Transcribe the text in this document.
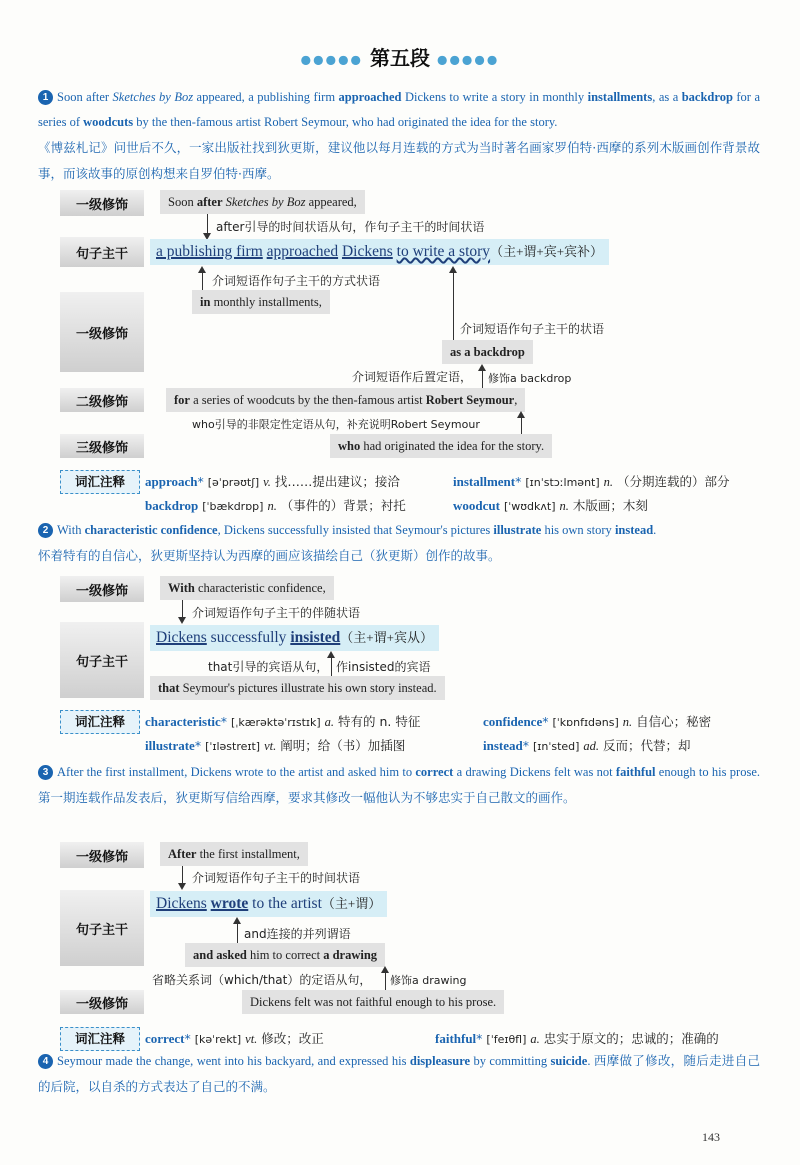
●●●●● 第五段 ●●●●●
1 Soon after Sketches by Boz appeared, a publishing firm approached Dickens to write a story in monthly installments, as a backdrop for a series of woodcuts by the then-famous artist Robert Seymour, who had originated the idea for the story.
《博兹札记》问世后不久，一家出版社找到狄更斯，建议他以每月连载的方式为当时著名画家罗伯特·西摩的系列木版画创作背景故事，而该故事的原创构想来自罗伯特·西摩。
一级修饰	Soon after Sketches by Boz appeared,
after引导的时间状语从句，作句子主干的时间状语
句子主干	a publishing firm approached Dickens to write a story（主+谓+宾+宾补）
介词短语作句子主干的方式状语
一级修饰
in monthly installments,
介词短语作句子主干的状语
as a backdrop
介词短语作后置定语， 修饰a backdrop
二级修饰	for a series of woodcuts by the then-famous artist Robert Seymour,
who引导的非限定性定语从句，补充说明Robert Seymour
三级修饰	who had originated the idea for the story.
词汇注释	approach* [əˈprəʊtʃ] v. 找……提出建议；接洽	installment* [ɪnˈstɔːlmənt] n. （分期连载的）部分
backdrop [ˈbækdrɒp] n. （事件的）背景；衬托	woodcut [ˈwʊdkʌt] n. 木版画；木刻
2 With characteristic confidence, Dickens successfully insisted that Seymour's pictures illustrate his own story instead.
怀着特有的自信心，狄更斯坚持认为西摩的画应该描绘自己（狄更斯）创作的故事。
一级修饰	With characteristic confidence,
介词短语作句子主干的伴随状语
句子主干
Dickens successfully insisted（主+谓+宾从）
that引导的宾语从句， 作insisted的宾语
that Seymour's pictures illustrate his own story instead.
词汇注释	characteristic* [ˌkærəktəˈrɪstɪk] a. 特有的 n. 特征	confidence* [ˈkɒnfɪdəns] n. 自信心；秘密
illustrate* [ˈɪləstreɪt] vt. 阐明；给（书）加插图	instead* [ɪnˈsted] ad. 反而；代替；却
3 After the first installment, Dickens wrote to the artist and asked him to correct a drawing Dickens felt was not faithful enough to his prose. 第一期连载作品发表后，狄更斯写信给西摩，要求其修改一幅他认为不够忠实于自己散文的画作。
一级修饰	After the first installment,
介词短语作句子主干的时间状语
句子主干
Dickens wrote to the artist（主+谓）
and连接的并列谓语
and asked him to correct a drawing
省略关系词（which/that）的定语从句， 修饰a drawing
一级修饰	Dickens felt was not faithful enough to his prose.
词汇注释	correct* [kəˈrekt] vt. 修改；改正	faithful* [ˈfeɪθfl] a. 忠实于原文的；忠诚的；准确的
4 Seymour made the change, went into his backyard, and expressed his displeasure by committing suicide. 西摩做了修改，随后走进自己的后院，以自杀的方式表达了自己的不满。
143
